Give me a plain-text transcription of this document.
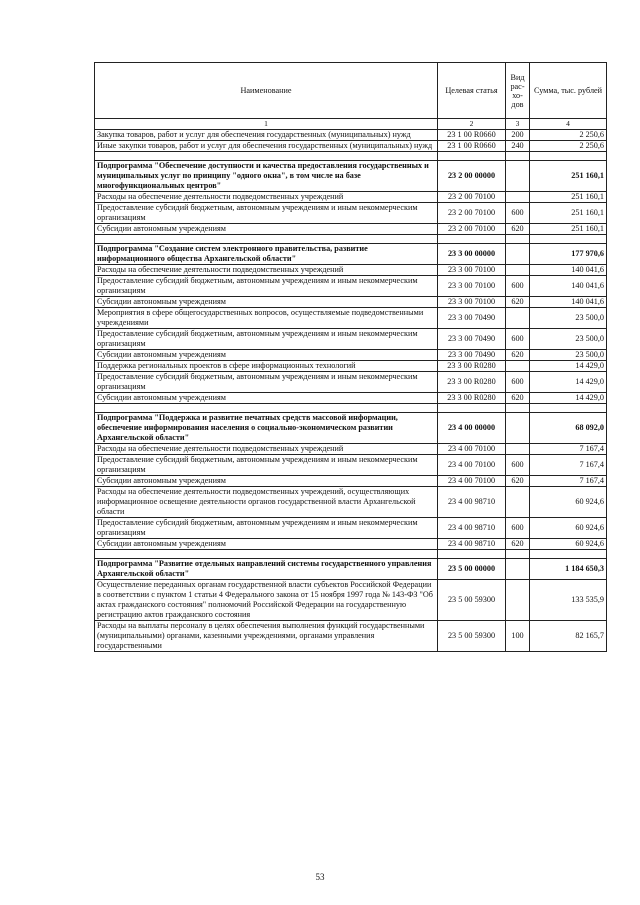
Наименование	Целевая статья	Вид
рас-
хо-
дов	Сумма, тыс. рублей
1	2	3	4
Закупка товаров, работ и услуг для обеспечения государственных (муниципальных) нужд	23 1 00 R0660	200	2 250,6
Иные закупки товаров, работ и услуг для обеспечения государственных (муниципальных) нужд	23 1 00 R0660	240	2 250,6

Подпрограмма "Обеспечение доступности и качества предоставления государственных и муниципальных услуг по принципу "одного окна", в том числе на базе многофункциональных центров"	23 2 00 00000		251 160,1
Расходы на обеспечение деятельности подведомственных учреждений	23 2 00 70100		251 160,1
Предоставление субсидий бюджетным, автономным учреждениям и иным некоммерческим организациям	23 2 00 70100	600	251 160,1
Субсидии автономным учреждениям	23 2 00 70100	620	251 160,1

Подпрограмма "Создание систем электронного правительства, развитие информационного общества Архангельской области"	23 3 00 00000		177 970,6
Расходы на обеспечение деятельности подведомственных учреждений	23 3 00 70100		140 041,6
Предоставление субсидий бюджетным, автономным учреждениям и иным некоммерческим организациям	23 3 00 70100	600	140 041,6
Субсидии автономным учреждениям	23 3 00 70100	620	140 041,6
Мероприятия в сфере общегосударственных вопросов, осуществляемые подведомственными учреждениями	23 3 00 70490		23 500,0
Предоставление субсидий бюджетным, автономным учреждениям и иным некоммерческим организациям	23 3 00 70490	600	23 500,0
Субсидии автономным учреждениям	23 3 00 70490	620	23 500,0
Поддержка региональных проектов в сфере информационных технологий	23 3 00 R0280		14 429,0
Предоставление субсидий бюджетным, автономным учреждениям и иным некоммерческим организациям	23 3 00 R0280	600	14 429,0
Субсидии автономным учреждениям	23 3 00 R0280	620	14 429,0

Подпрограмма "Поддержка и развитие печатных средств массовой информации, обеспечение информирования населения о социально-экономическом развитии Архангельской области"	23 4 00 00000		68 092,0
Расходы на обеспечение деятельности подведомственных учреждений	23 4 00 70100		7 167,4
Предоставление субсидий бюджетным, автономным учреждениям и иным некоммерческим организациям	23 4 00 70100	600	7 167,4
Субсидии автономным учреждениям	23 4 00 70100	620	7 167,4
Расходы на обеспечение деятельности подведомственных учреждений, осуществляющих информационное освещение деятельности органов государственной власти Архангельской области	23 4 00 98710		60 924,6
Предоставление субсидий бюджетным, автономным учреждениям и иным некоммерческим организациям	23 4 00 98710	600	60 924,6
Субсидии автономным учреждениям	23 4 00 98710	620	60 924,6

Подпрограмма "Развитие отдельных направлений системы государственного управления Архангельской области"	23 5 00 00000		1 184 650,3
Осуществление переданных органам государственной власти субъектов Российской Федерации в соответствии с пунктом 1 статьи 4 Федерального закона от 15 ноября 1997 года № 143-ФЗ "Об актах гражданского состояния" полномочий Российской Федерации на государственную регистрацию актов гражданского состояния	23 5 00 59300		133 535,9
Расходы на выплаты персоналу в целях обеспечения выполнения функций государственными (муниципальными) органами, казенными учреждениями, органами управления государственными	23 5 00 59300	100	82 165,7
53
